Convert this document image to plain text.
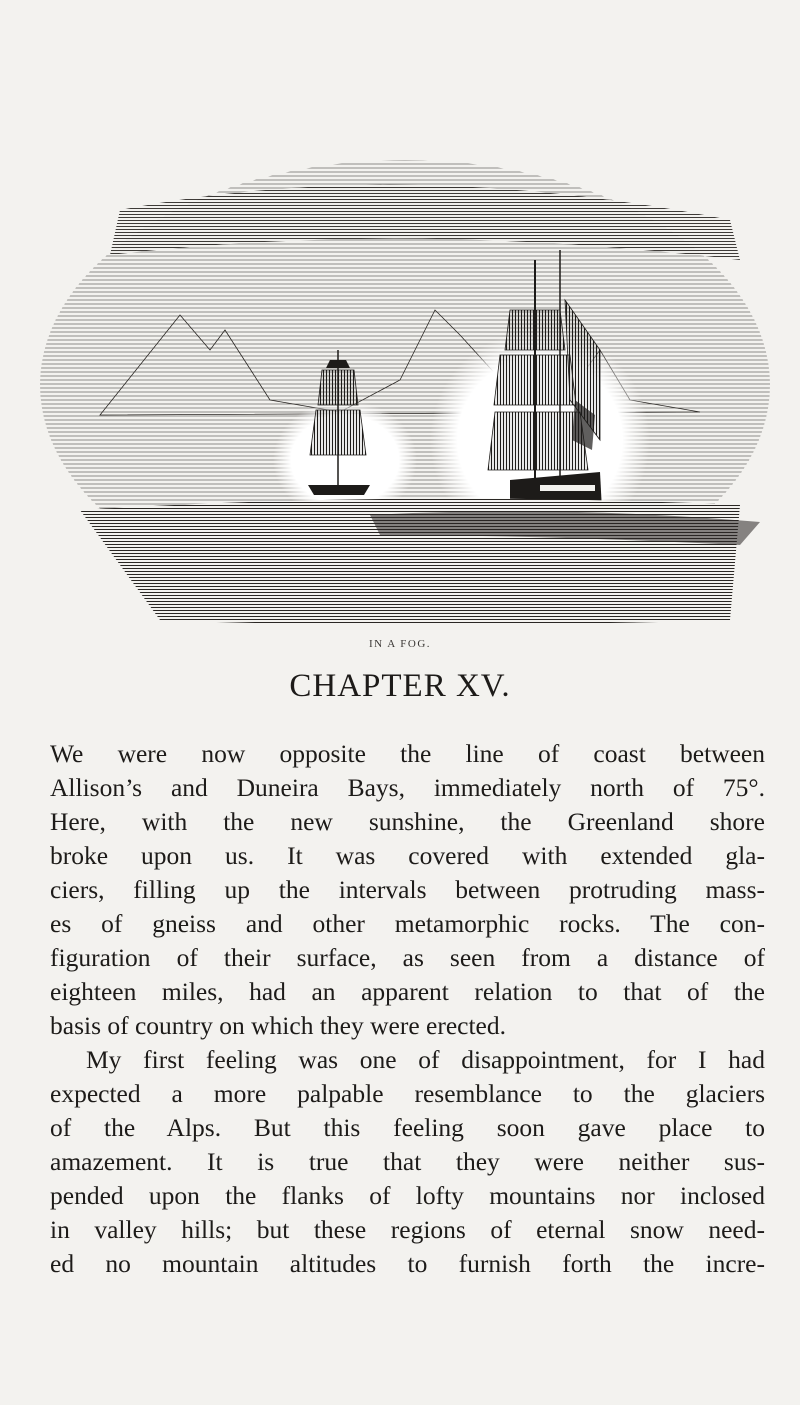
IN A FOG.
CHAPTER XV.
We were now opposite the line of coast between
Allison’s and Duneira Bays, immediately north of 75°.
Here, with the new sunshine, the Greenland shore
broke upon us. It was covered with extended gla-
ciers, filling up the intervals between protruding mass-
es of gneiss and other metamorphic rocks. The con-
figuration of their surface, as seen from a distance of
eighteen miles, had an apparent relation to that of the
basis of country on which they were erected.
My first feeling was one of disappointment, for I had
expected a more palpable resemblance to the glaciers
of the Alps. But this feeling soon gave place to
amazement. It is true that they were neither sus-
pended upon the flanks of lofty mountains nor inclosed
in valley hills; but these regions of eternal snow need-
ed no mountain altitudes to furnish forth the incre-
